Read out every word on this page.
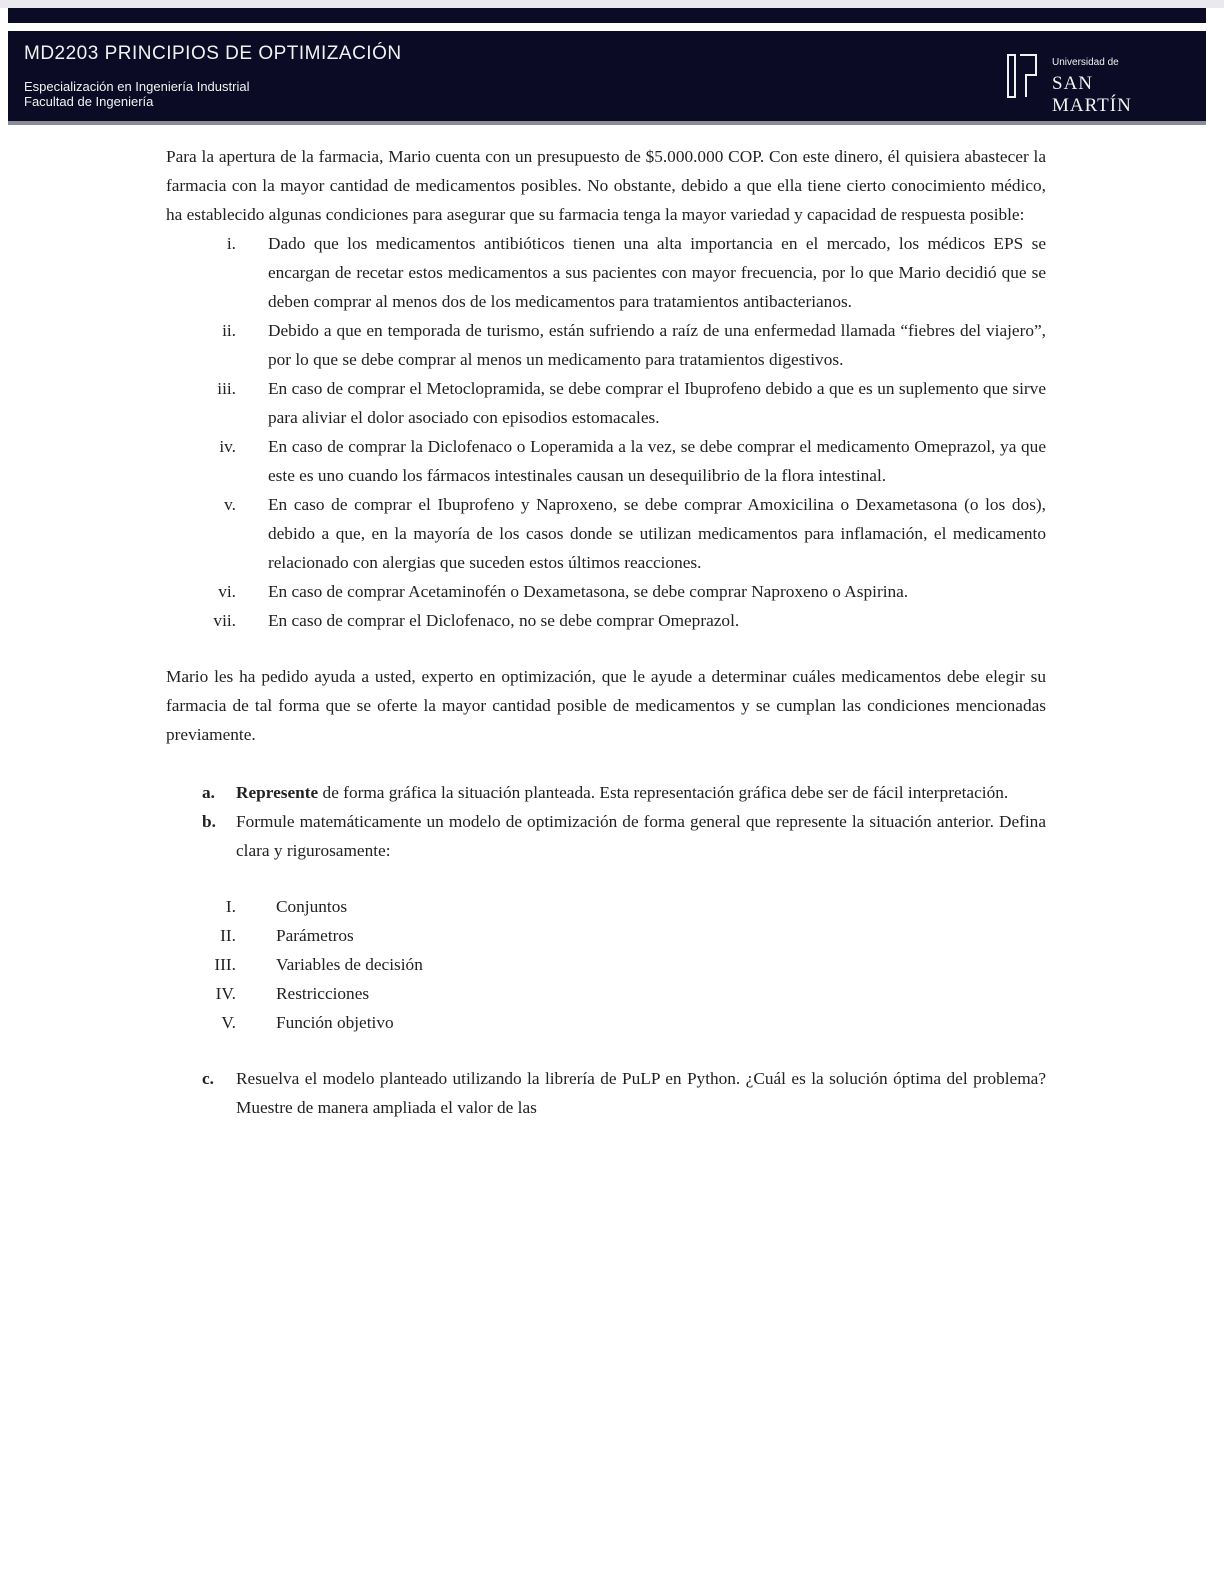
MD2203 PRINCIPIOS DE OPTIMIZACIÓN
Especialización en Ingeniería Industrial
Facultad de Ingeniería
Universidad de
SAN MARTÍN

Para la apertura de la farmacia, Mario cuenta con un presupuesto de $5.000.000 COP. Con este dinero, él quisiera abastecer la farmacia con la mayor cantidad de medicamentos posibles. No obstante, debido a que ella tiene cierto conocimiento médico, ha establecido algunas condiciones para asegurar que su farmacia tenga la mayor variedad y capacidad de respuesta posible:

i. Dado que los medicamentos antibióticos tienen una alta importancia en el mercado, los médicos EPS se encargan de recetar estos medicamentos a sus pacientes con mayor frecuencia, por lo que Mario decidió que se deben comprar al menos dos de los medicamentos para tratamientos antibacterianos.
ii. Debido a que en temporada de turismo, están sufriendo a raíz de una enfermedad llamada “fiebres del viajero”, por lo que se debe comprar al menos un medicamento para tratamientos digestivos.
iii. En caso de comprar el Metoclopramida, se debe comprar el Ibuprofeno debido a que es un suplemento que sirve para aliviar el dolor asociado con episodios estomacales.
iv. En caso de comprar la Diclofenaco o Loperamida a la vez, se debe comprar el medicamento Omeprazol, ya que este es uno cuando los fármacos intestinales causan un desequilibrio de la flora intestinal.
v. En caso de comprar el Ibuprofeno y Naproxeno, se debe comprar Amoxicilina o Dexametasona (o los dos), debido a que, en la mayoría de los casos donde se utilizan medicamentos para inflamación, el medicamento relacionado con alergias que suceden estos últimos reacciones.
vi. En caso de comprar Acetaminofén o Dexametasona, se debe comprar Naproxeno o Aspirina.
vii. En caso de comprar el Diclofenaco, no se debe comprar Omeprazol.

Mario les ha pedido ayuda a usted, experto en optimización, que le ayude a determinar cuáles medicamentos debe elegir su farmacia de tal forma que se oferte la mayor cantidad posible de medicamentos y se cumplan las condiciones mencionadas previamente.

a. Represente de forma gráfica la situación planteada. Esta representación gráfica debe ser de fácil interpretación.
b. Formule matemáticamente un modelo de optimización de forma general que represente la situación anterior. Defina clara y rigurosamente:
I. Conjuntos
II. Parámetros
III. Variables de decisión
IV. Restricciones
V. Función objetivo
c. Resuelva el modelo planteado utilizando la librería de PuLP en Python. ¿Cuál es la solución óptima del problema? Muestre de manera ampliada el valor de las
